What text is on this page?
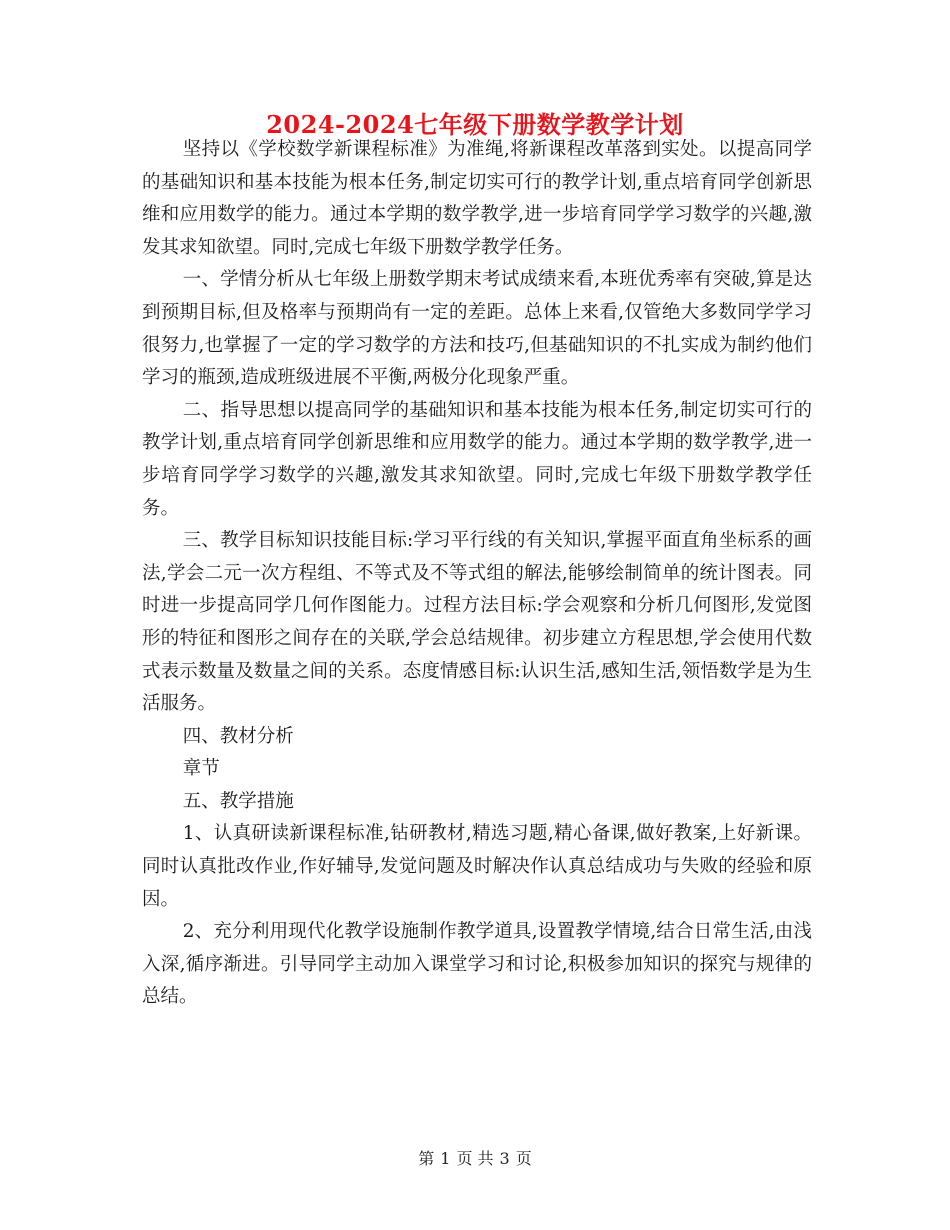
2024-2024七年级下册数学教学计划

坚持以《学校数学新课程标准》为准绳,将新课程改革落到实处。以提高同学的基础知识和基本技能为根本任务,制定切实可行的教学计划,重点培育同学创新思维和应用数学的能力。通过本学期的数学教学,进一步培育同学学习数学的兴趣,激发其求知欲望。同时,完成七年级下册数学教学任务。

一、学情分析从七年级上册数学期末考试成绩来看,本班优秀率有突破,算是达到预期目标,但及格率与预期尚有一定的差距。总体上来看,仅管绝大多数同学学习很努力,也掌握了一定的学习数学的方法和技巧,但基础知识的不扎实成为制约他们学习的瓶颈,造成班级进展不平衡,两极分化现象严重。

二、指导思想以提高同学的基础知识和基本技能为根本任务,制定切实可行的教学计划,重点培育同学创新思维和应用数学的能力。通过本学期的数学教学,进一步培育同学学习数学的兴趣,激发其求知欲望。同时,完成七年级下册数学教学任务。

三、教学目标知识技能目标:学习平行线的有关知识,掌握平面直角坐标系的画法,学会二元一次方程组、不等式及不等式组的解法,能够绘制简单的统计图表。同时进一步提高同学几何作图能力。过程方法目标:学会观察和分析几何图形,发觉图形的特征和图形之间存在的关联,学会总结规律。初步建立方程思想,学会使用代数式表示数量及数量之间的关系。态度情感目标:认识生活,感知生活,领悟数学是为生活服务。

四、教材分析

章节

五、教学措施

1、认真研读新课程标准,钻研教材,精选习题,精心备课,做好教案,上好新课。同时认真批改作业,作好辅导,发觉问题及时解决作认真总结成功与失败的经验和原因。

2、充分利用现代化教学设施制作教学道具,设置教学情境,结合日常生活,由浅入深,循序渐进。引导同学主动加入课堂学习和讨论,积极参加知识的探究与规律的总结。

第 1 页 共 3 页
